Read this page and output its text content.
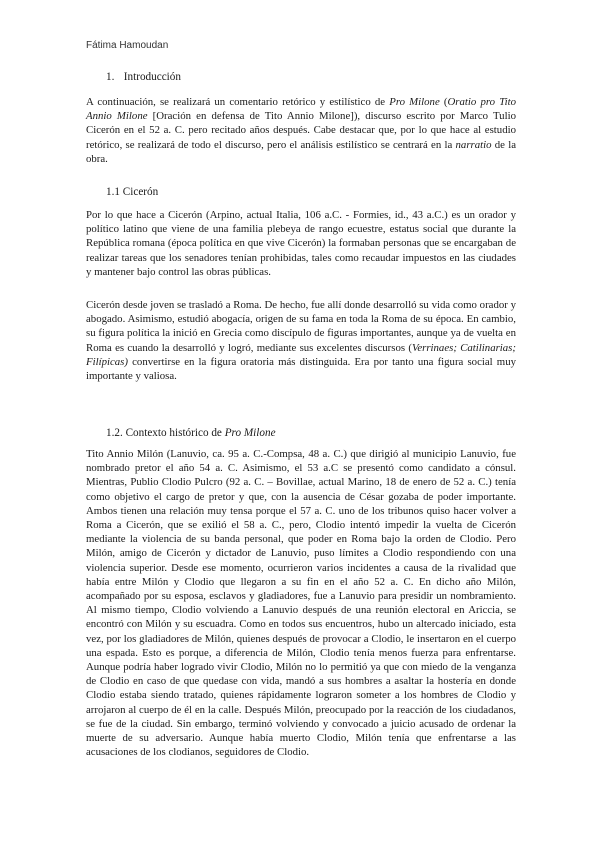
Fátima Hamoudan
1. Introducción

A continuación, se realizará un comentario retórico y estilístico de Pro Milone (Oratio pro Tito Annio Milone [Oración en defensa de Tito Annio Milone]), discurso escrito por Marco Tulio Cicerón en el 52 a. C. pero recitado años después. Cabe destacar que, por lo que hace al estudio retórico, se realizará de todo el discurso, pero el análisis estilístico se centrará en la narratio de la obra.

1.1 Cicerón

Por lo que hace a Cicerón (Arpino, actual Italia, 106 a.C. - Formies, id., 43 a.C.) es un orador y político latino que viene de una familia plebeya de rango ecuestre, estatus social que durante la República romana (época política en que vive Cicerón) la formaban personas que se encargaban de realizar tareas que los senadores tenían prohibidas, tales como recaudar impuestos en las ciudades y mantener bajo control las obras públicas.

Cicerón desde joven se trasladó a Roma. De hecho, fue allí donde desarrolló su vida como orador y abogado. Asimismo, estudió abogacía, origen de su fama en toda la Roma de su época. En cambio, su figura política la inició en Grecia como discípulo de figuras importantes, aunque ya de vuelta en Roma es cuando la desarrolló y logró, mediante sus excelentes discursos (Verrinaes; Catilinarias; Filípicas) convertirse en la figura oratoria más distinguida. Era por tanto una figura social muy importante y valiosa.

1.2. Contexto histórico de Pro Milone

Tito Annio Milón (Lanuvio, ca. 95 a. C.-Compsa, 48 a. C.) que dirigió al municipio Lanuvio, fue nombrado pretor el año 54 a. C. Asimismo, el 53 a.C se presentó como candidato a cónsul. Mientras, Publio Clodio Pulcro (92 a. C. – Bovillae, actual Marino, 18 de enero de 52 a. C.) tenía como objetivo el cargo de pretor y que, con la ausencia de César gozaba de poder importante. Ambos tienen una relación muy tensa porque el 57 a. C. uno de los tribunos quiso hacer volver a Roma a Cicerón, que se exilió el 58 a. C., pero, Clodio intentó impedir la vuelta de Cicerón mediante la violencia de su banda personal, que poder en Roma bajo la orden de Clodio. Pero Milón, amigo de Cicerón y dictador de Lanuvio, puso límites a Clodio respondiendo con una violencia superior. Desde ese momento, ocurrieron varios incidentes a causa de la rivalidad que había entre Milón y Clodio que llegaron a su fin en el año 52 a. C. En dicho año Milón, acompañado por su esposa, esclavos y gladiadores, fue a Lanuvio para presidir un nombramiento. Al mismo tiempo, Clodio volviendo a Lanuvio después de una reunión electoral en Ariccia, se encontró con Milón y su escuadra. Como en todos sus encuentros, hubo un altercado iniciado, esta vez, por los gladiadores de Milón, quienes después de provocar a Clodio, le insertaron en el cuerpo una espada. Esto es porque, a diferencia de Milón, Clodio tenía menos fuerza para enfrentarse. Aunque podría haber logrado vivir Clodio, Milón no lo permitió ya que con miedo de la venganza de Clodio en caso de que quedase con vida, mandó a sus hombres a asaltar la hostería en donde Clodio estaba siendo tratado, quienes rápidamente lograron someter a los hombres de Clodio y arrojaron al cuerpo de él en la calle. Después Milón, preocupado por la reacción de los ciudadanos, se fue de la ciudad. Sin embargo, terminó volviendo y convocado a juicio acusado de ordenar la muerte de su adversario. Aunque había muerto Clodio, Milón tenía que enfrentarse a las acusaciones de los clodianos, seguidores de Clodio.
